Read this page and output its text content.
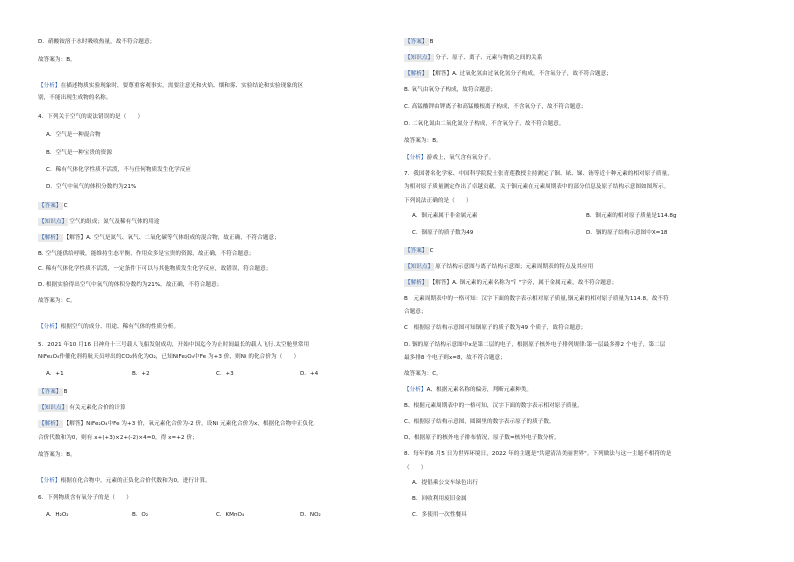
D．硝酸铵溶于水时吸收热量，故不符合题意；
故答案为：B。
【分析】在描述物质实验现象时，要尊重客观事实，需要注意光和火焰、烟和雾、实验结论和实验现象的区
别，不能出现生成物的名称。
4．下列关于空气的说法错误的是（　　）
A．空气是一种混合物
B．空气是一种宝贵的资源
C．稀有气体化学性质不活泼，不与任何物质发生化学反应
D．空气中氧气的体积分数约为21%
【答案】 C
【知识点】 空气的组成；氮气及稀有气体的用途
【解析】 【解答】A. 空气是氮气、氧气、二氧化碳等气体组成的混合物，故正确，不符合题意；
B. 空气能供给呼吸，能维持生态平衡，作用众多是宝贵的资源，故正确，不符合题意；
C. 稀有气体化学性质不活泼，一定条件下可以与其他物质发生化学反应，故错误，符合题意；
D. 根据实验得出空气中氧气的体积分数约为21%，故正确，不符合题意；
故答案为：C。
【分析】根据空气的成分、用途、稀有气体的性质分析。
5．2021 年10 月16 日神舟十三号载人飞船发射成功，开始中国迄今为止时间最长的载人飞行.太空舱里常用
NiFe₂O₄作催化剂将航天员呼出的CO₂转化为O₂，已知NiFe₂O₄中Fe 为+3 价，则Ni 的化合价为（　　）
A．+1	B．+2	C．+3	D．+4
【答案】 B
【知识点】 有关元素化合价的计算
【解析】 【解答】NiFe₂O₄中Fe 为+3 价，氧元素化合价为-2 价，设Ni 元素化合价为x，根据化合物中正负化
合价代数和为0，则有 x+(+3)×2+(-2)×4=0，得 x=+2 价；
故答案为：B。
【分析】根据在化合物中，元素的正负化合价代数和为0，进行计算。
6．下列物质含有氧分子的是（　　）
A．H₂O₂	B．O₂	C．KMnO₄	D．NO₂
【答案】 B
【知识点】 分子、原子、离子、元素与物质之间的关系
【解析】 【解答】A. 过氧化氢由过氧化氢分子构成，不含氧分子，故不符合题意；
B. 氧气由氧分子构成，故符合题意；
C. 高锰酸钾由钾离子和高锰酸根离子构成，不含氧分子，故不符合题意；
D. 二氧化氮由二氧化氮分子构成，不含氧分子，故不符合题意。
故答案为：B。
【分析】游戏上，氧气含有氧分子。
7．我国著名化学家、中国科学院院士张青莲教授主持测定了铟、铱、锑、铕等近十种元素的相对原子质量，
为相对原子质量测定作出了卓越贡献。关于铟元素在元素周期表中的部分信息及原子结构示意图如图所示。
下列说法正确的是（　　）
A．铟元素属于非金属元素	B．铟元素的相对原子质量是114.8g
C．铟原子的质子数为49	D．铟的原子结构示意图中X=18
【答案】 C
【知识点】 原子结构示意图与离子结构示意图；元素周期表的特点及其应用
【解析】 【解答】A. 铟元素的元素名称为"钅"字旁，属于金属元素，故不符合题意；
B　元素周期表中的一格可知：汉字下面的数字表示相对原子质量,铟元素的相对原子质量为114.8，故不符
合题意；
C　根据原子结构示意图可知铟原子的质子数为49 个质子，故符合题意；
D. 铟的原子结构示意图中x是第二层的电子，根据原子核外电子排列规律:第一层最多排2 个电子，第二层
最多排8 个电子则x=8，故不符合题意；
故答案为：C。
【分析】A、根据元素名称的偏旁，判断元素种类。
B、根据元素周期表中的一格可知，汉字下面的数字表示相对原子质量。
C、根据原子结构示意图，圆圈里的数字表示原子的质子数。
D、根据原子的核外电子排布情况，原子数=核外电子数分析。
8．每年的6 月5 日为世界环境日，2022 年的主题是"共建清洁美丽世界"。下列做法与这一主题不相符的是
（　　）
A．提倡乘公交车绿色出行
B．回收利用废旧金属
C．多使用一次性餐具
